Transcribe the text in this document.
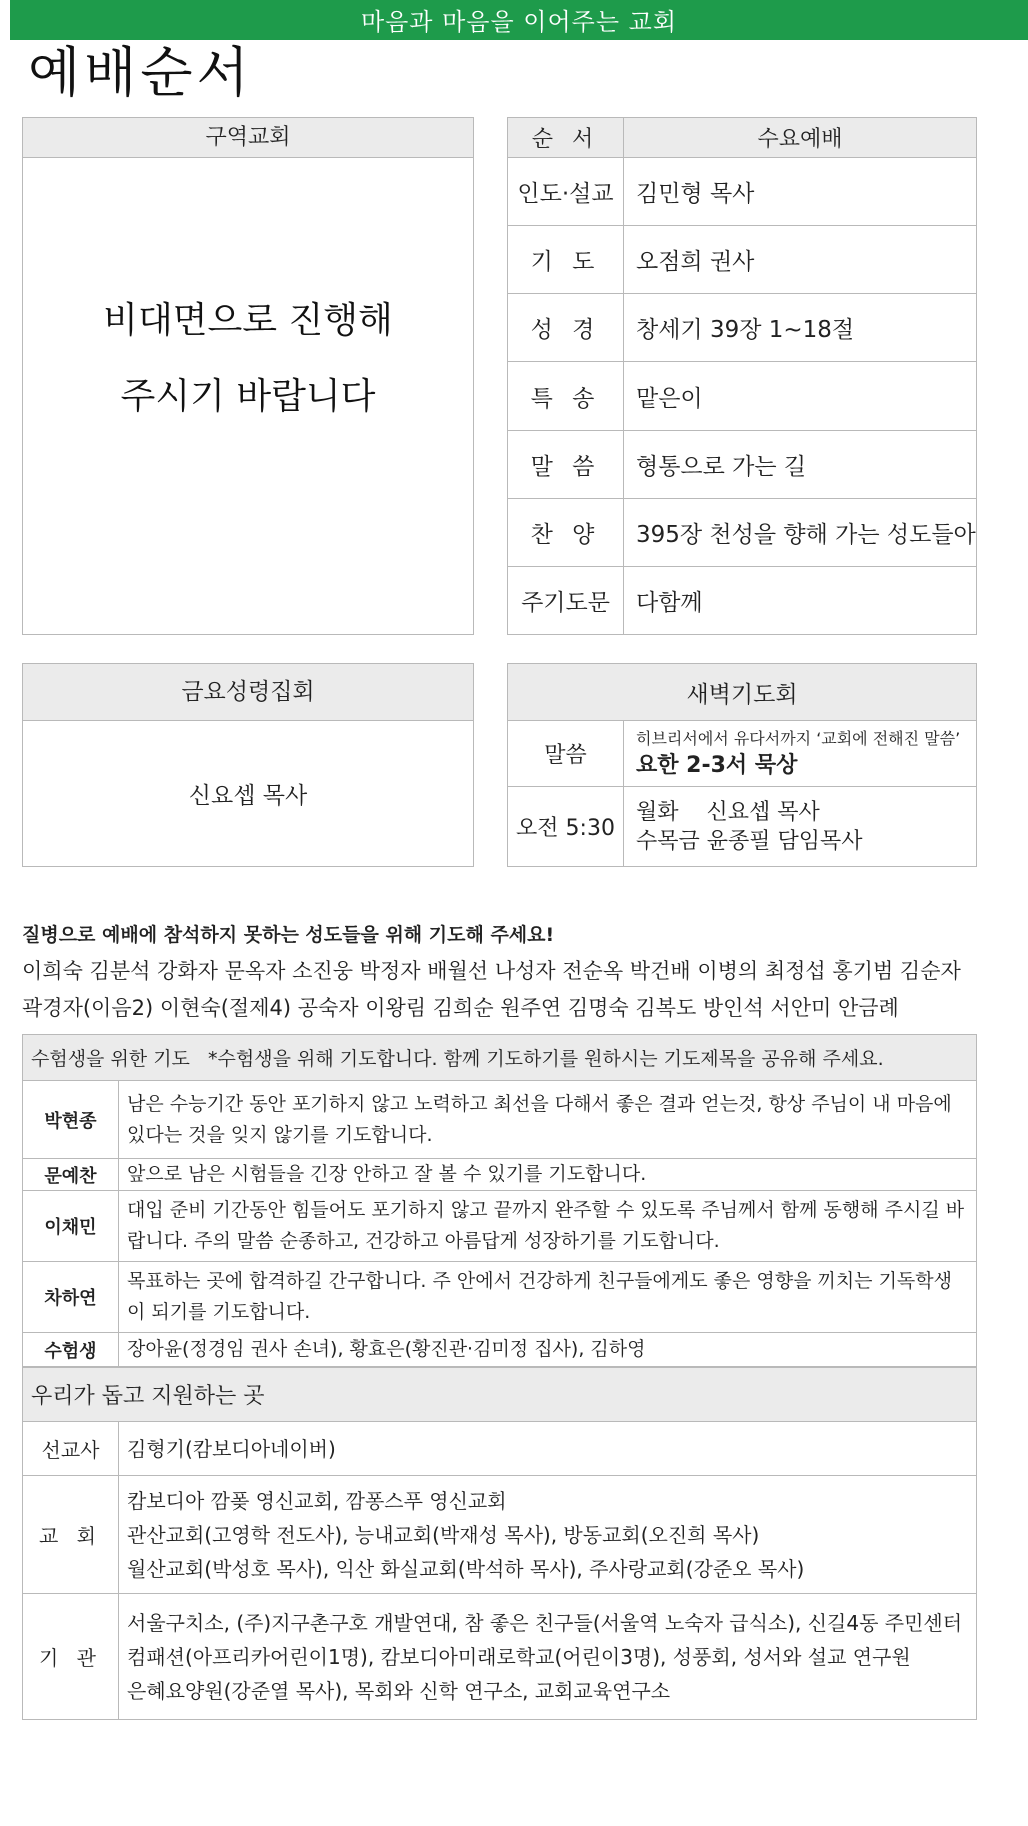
마음과 마음을 이어주는 교회
예배순서
구역교회
비대면으로 진행해
주시기 바랍니다
순 서	수요예배
인도·설교	김민형 목사
기 도	오점희 권사
성 경	창세기 39장 1~18절
특 송	맡은이
말 씀	형통으로 가는 길
찬 양	395장 천성을 향해 가는 성도들아
주기도문	다함께
금요성령집회
신요셉 목사
새벽기도회	
말씀	히브리서에서 유다서까지 ‘교회에 전해진 말씀’
요한 2-3서 묵상

오전 5:30	월화    신요셉 목사
수목금 윤종필 담임목사
질병으로 예배에 참석하지 못하는 성도들을 위해 기도해 주세요!
이희숙 김분석 강화자 문옥자 소진웅 박정자 배월선 나성자 전순옥 박건배 이병의 최정섭 홍기범 김순자
곽경자(이음2) 이현숙(절제4) 공숙자 이왕림 김희순 원주연 김명숙 김복도 방인석 서안미 안금례
수험생을 위한 기도   *수험생을 위해 기도합니다. 함께 기도하기를 원하시는 기도제목을 공유해 주세요.	
박현종	남은 수능기간 동안 포기하지 않고 노력하고 최선을 다해서 좋은 결과 얻는것, 항상 주님이 내 마음에 있다는 것을 잊지 않기를 기도합니다.
문예찬	앞으로 남은 시험들을 긴장 안하고 잘 볼 수 있기를 기도합니다.
이채민	대입 준비 기간동안 힘들어도 포기하지 않고 끝까지 완주할 수 있도록 주님께서 함께 동행해 주시길 바랍니다. 주의 말씀 순종하고, 건강하고 아름답게 성장하기를 기도합니다.
차하연	목표하는 곳에 합격하길 간구합니다. 주 안에서 건강하게 친구들에게도 좋은 영향을 끼치는 기독학생이 되기를 기도합니다.
수험생	장아윤(정경임 권사 손녀), 황효은(황진관·김미정 집사), 김하영
우리가 돕고 지원하는 곳	
선교사	김형기(캄보디아네이버)

교 회	캄보디아 깜퐂 영신교회, 깜퐁스푸 영신교회
관산교회(고영학 전도사), 능내교회(박재성 목사), 방동교회(오진희 목사)
월산교회(박성호 목사), 익산 화실교회(박석하 목사), 주사랑교회(강준오 목사)

기 관	서울구치소, (주)지구촌구호 개발연대, 참 좋은 친구들(서울역 노숙자 급식소), 신길4동 주민센터
컴패션(아프리카어린이1명), 캄보디아미래로학교(어린이3명), 성풍회, 성서와 설교 연구원
은혜요양원(강준열 목사), 목회와 신학 연구소, 교회교육연구소
